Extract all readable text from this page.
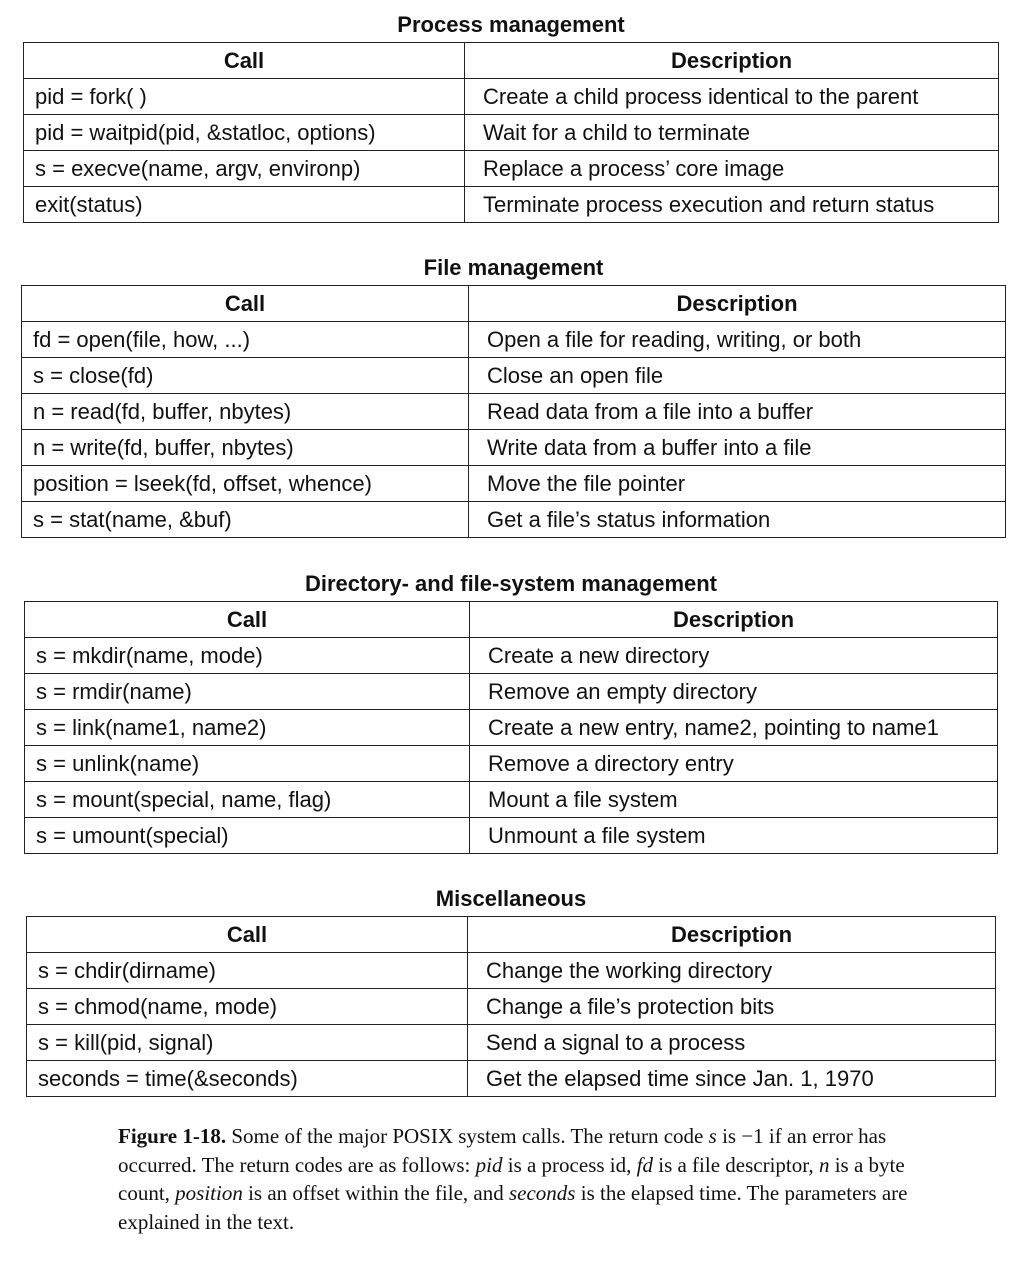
Process management
Call	Description
pid = fork( )	Create a child process identical to the parent
pid = waitpid(pid, &statloc, options)	Wait for a child to terminate
s = execve(name, argv, environp)	Replace a process’ core image
exit(status)	Terminate process execution and return status
File management
Call	Description
fd = open(file, how, ...)	Open a file for reading, writing, or both
s = close(fd)	Close an open file
n = read(fd, buffer, nbytes)	Read data from a file into a buffer
n = write(fd, buffer, nbytes)	Write data from a buffer into a file
position = lseek(fd, offset, whence)	Move the file pointer
s = stat(name, &buf)	Get a file’s status information
Directory- and file-system management
Call	Description
s = mkdir(name, mode)	Create a new directory
s = rmdir(name)	Remove an empty directory
s = link(name1, name2)	Create a new entry, name2, pointing to name1
s = unlink(name)	Remove a directory entry
s = mount(special, name, flag)	Mount a file system
s = umount(special)	Unmount a file system
Miscellaneous
Call	Description
s = chdir(dirname)	Change the working directory
s = chmod(name, mode)	Change a file’s protection bits
s = kill(pid, signal)	Send a signal to a process
seconds = time(&seconds)	Get the elapsed time since Jan. 1, 1970
Figure 1-18. Some of the major POSIX system calls. The return code s is −1 if an error has occurred. The return codes are as follows: pid is a process id, fd is a file descriptor, n is a byte count, position is an offset within the file, and seconds is the elapsed time. The parameters are explained in the text.
